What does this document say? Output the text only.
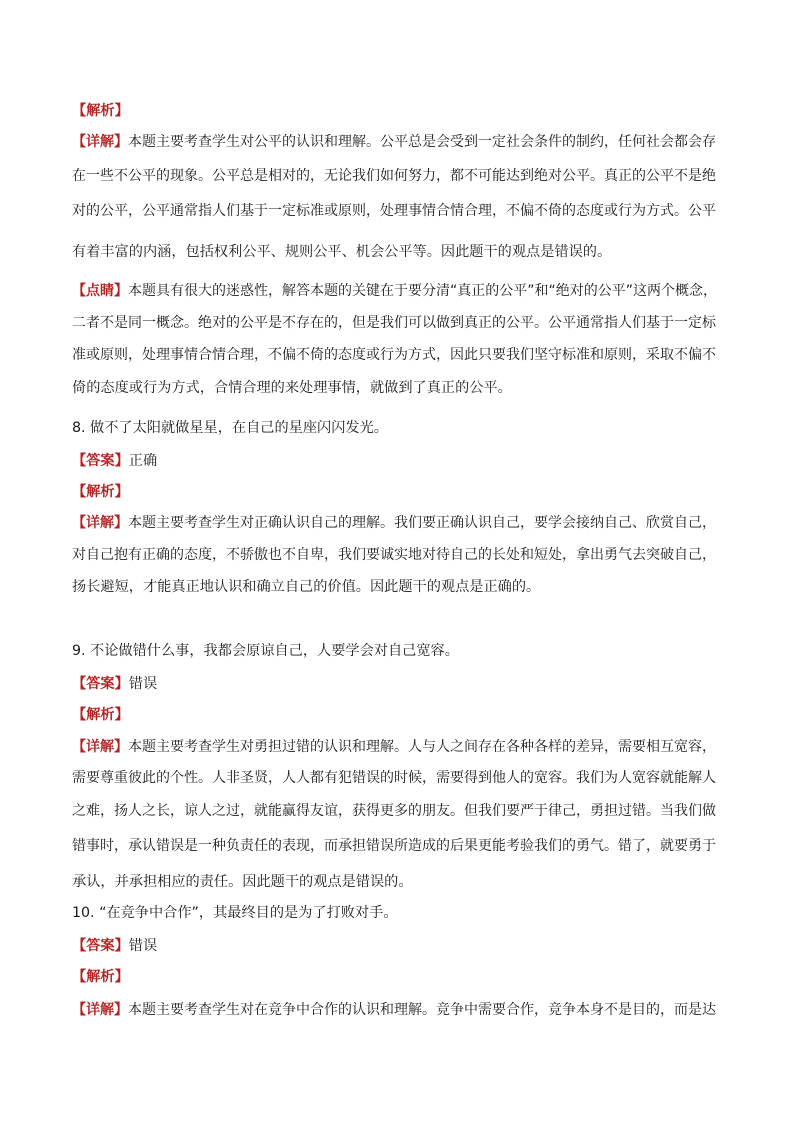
【解析】
【详解】本题主要考查学生对公平的认识和理解。公平总是会受到一定社会条件的制约，任何社会都会存
在一些不公平的现象。公平总是相对的，无论我们如何努力，都不可能达到绝对公平。真正的公平不是绝
对的公平，公平通常指人们基于一定标准或原则，处理事情合情合理，不偏不倚的态度或行为方式。公平
有着丰富的内涵，包括权利公平、规则公平、机会公平等。因此题干的观点是错误的。
【点睛】本题具有很大的迷惑性，解答本题的关键在于要分清“真正的公平”和“绝对的公平”这两个概念，
二者不是同一概念。绝对的公平是不存在的，但是我们可以做到真正的公平。公平通常指人们基于一定标
准或原则，处理事情合情合理，不偏不倚的态度或行为方式，因此只要我们坚守标准和原则，采取不偏不
倚的态度或行为方式，合情合理的来处理事情，就做到了真正的公平。
8. 做不了太阳就做星星，在自己的星座闪闪发光。
【答案】正确
【解析】
【详解】本题主要考查学生对正确认识自己的理解。我们要正确认识自己，要学会接纳自己、欣赏自己，
对自己抱有正确的态度，不骄傲也不自卑，我们要诚实地对待自己的长处和短处，拿出勇气去突破自己，
扬长避短，才能真正地认识和确立自己的价值。因此题干的观点是正确的。
9. 不论做错什么事，我都会原谅自己，人要学会对自己宽容。
【答案】错误
【解析】
【详解】本题主要考查学生对勇担过错的认识和理解。人与人之间存在各种各样的差异，需要相互宽容，
需要尊重彼此的个性。人非圣贤，人人都有犯错误的时候，需要得到他人的宽容。我们为人宽容就能解人
之难，扬人之长，谅人之过，就能赢得友谊，获得更多的朋友。但我们要严于律己，勇担过错。当我们做
错事时，承认错误是一种负责任的表现，而承担错误所造成的后果更能考验我们的勇气。错了，就要勇于
承认，并承担相应的责任。因此题干的观点是错误的。
10. “在竞争中合作”，其最终目的是为了打败对手。
【答案】错误
【解析】
【详解】本题主要考查学生对在竞争中合作的认识和理解。竞争中需要合作，竞争本身不是目的，而是达
